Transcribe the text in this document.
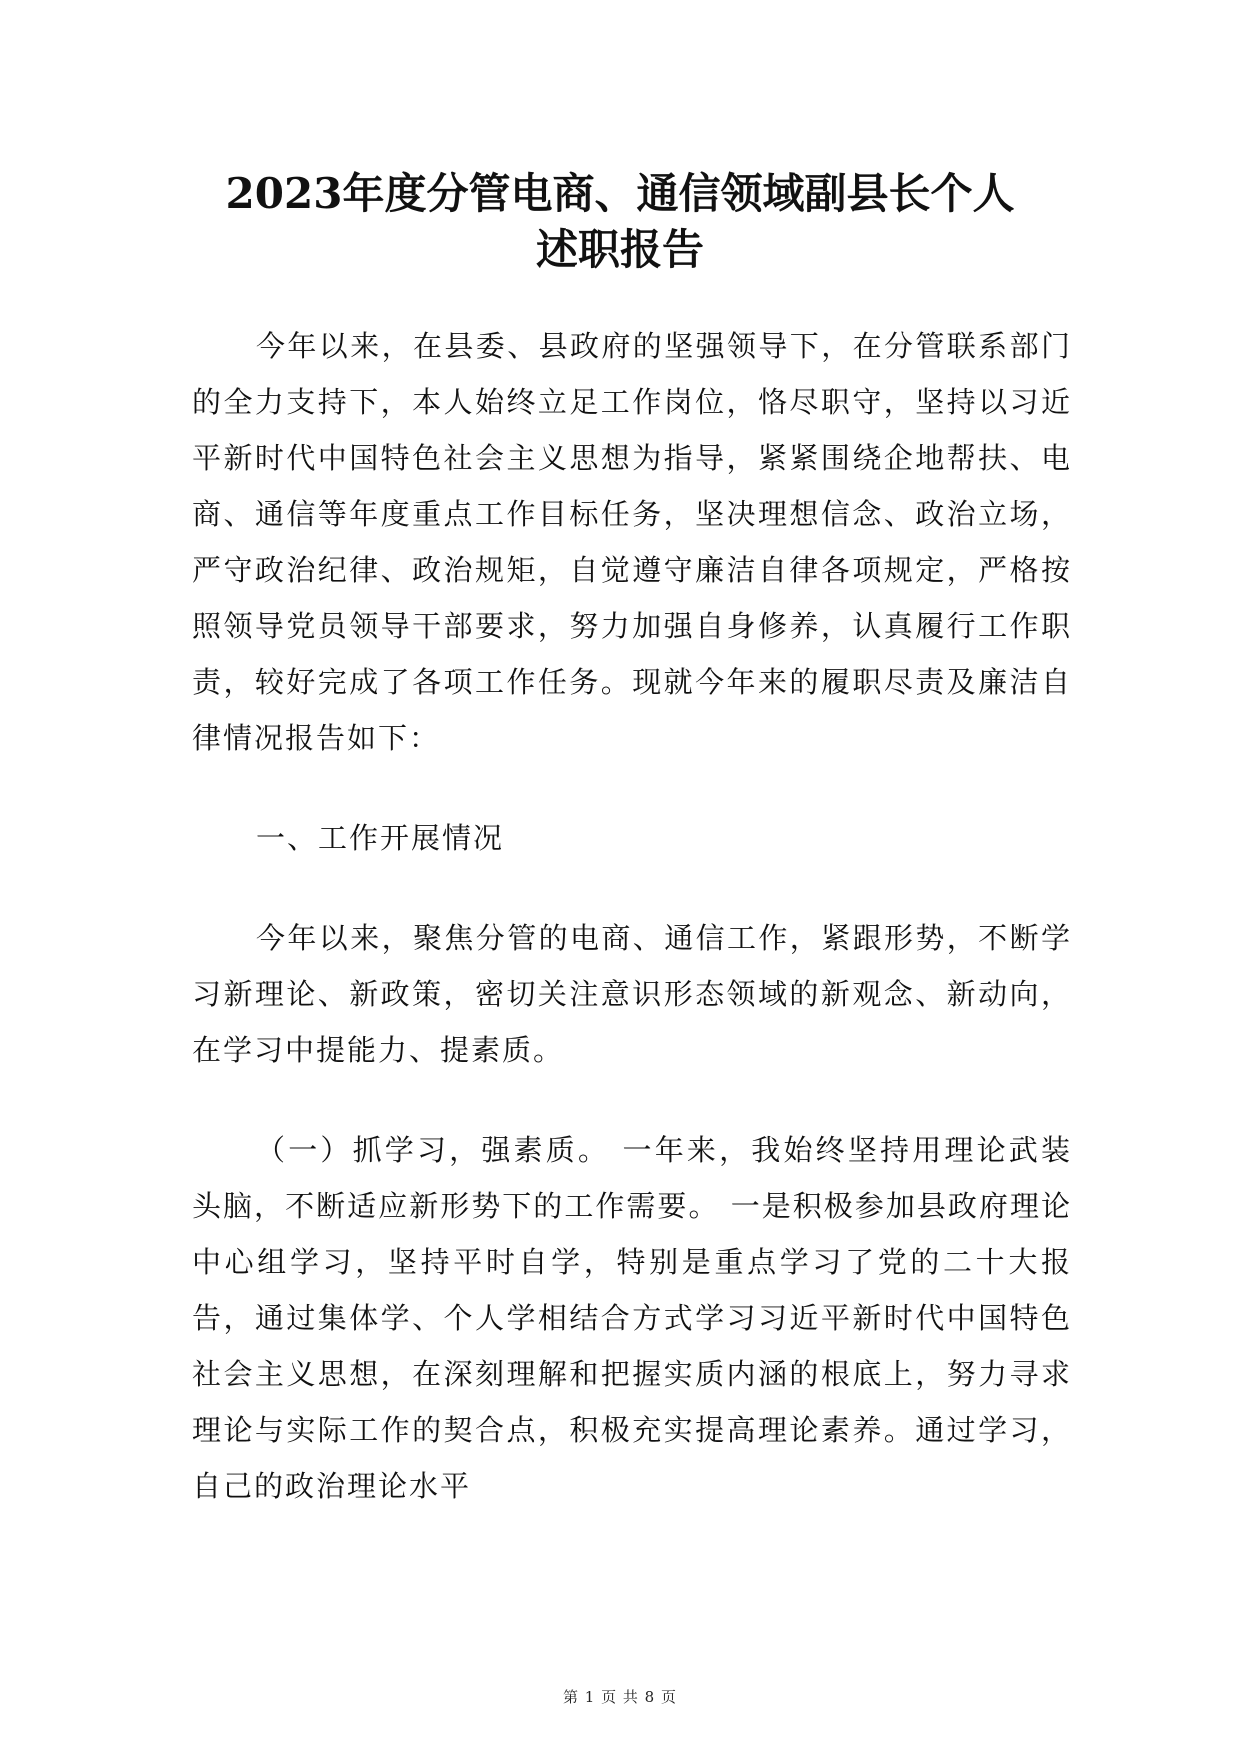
2023年度分管电商、通信领域副县长个人
述职报告

今年以来，在县委、县政府的坚强领导下，在分管联系部门的全力支持下，本人始终立足工作岗位，恪尽职守，坚持以习近平新时代中国特色社会主义思想为指导，紧紧围绕企地帮扶、电商、通信等年度重点工作目标任务，坚决理想信念、政治立场，严守政治纪律、政治规矩，自觉遵守廉洁自律各项规定，严格按照领导党员领导干部要求，努力加强自身修养，认真履行工作职责，较好完成了各项工作任务。现就今年来的履职尽责及廉洁自律情况报告如下：

一、工作开展情况

今年以来，聚焦分管的电商、通信工作，紧跟形势，不断学习新理论、新政策，密切关注意识形态领域的新观念、新动向，在学习中提能力、提素质。

（一）抓学习，强素质。 一年来，我始终坚持用理论武装头脑，不断适应新形势下的工作需要。 一是积极参加县政府理论中心组学习，坚持平时自学，特别是重点学习了党的二十大报告，通过集体学、个人学相结合方式学习习近平新时代中国特色社会主义思想，在深刻理解和把握实质内涵的根底上，努力寻求理论与实际工作的契合点，积极充实提高理论素养。通过学习，自己的政治理论水平

第 1 页 共 8 页
